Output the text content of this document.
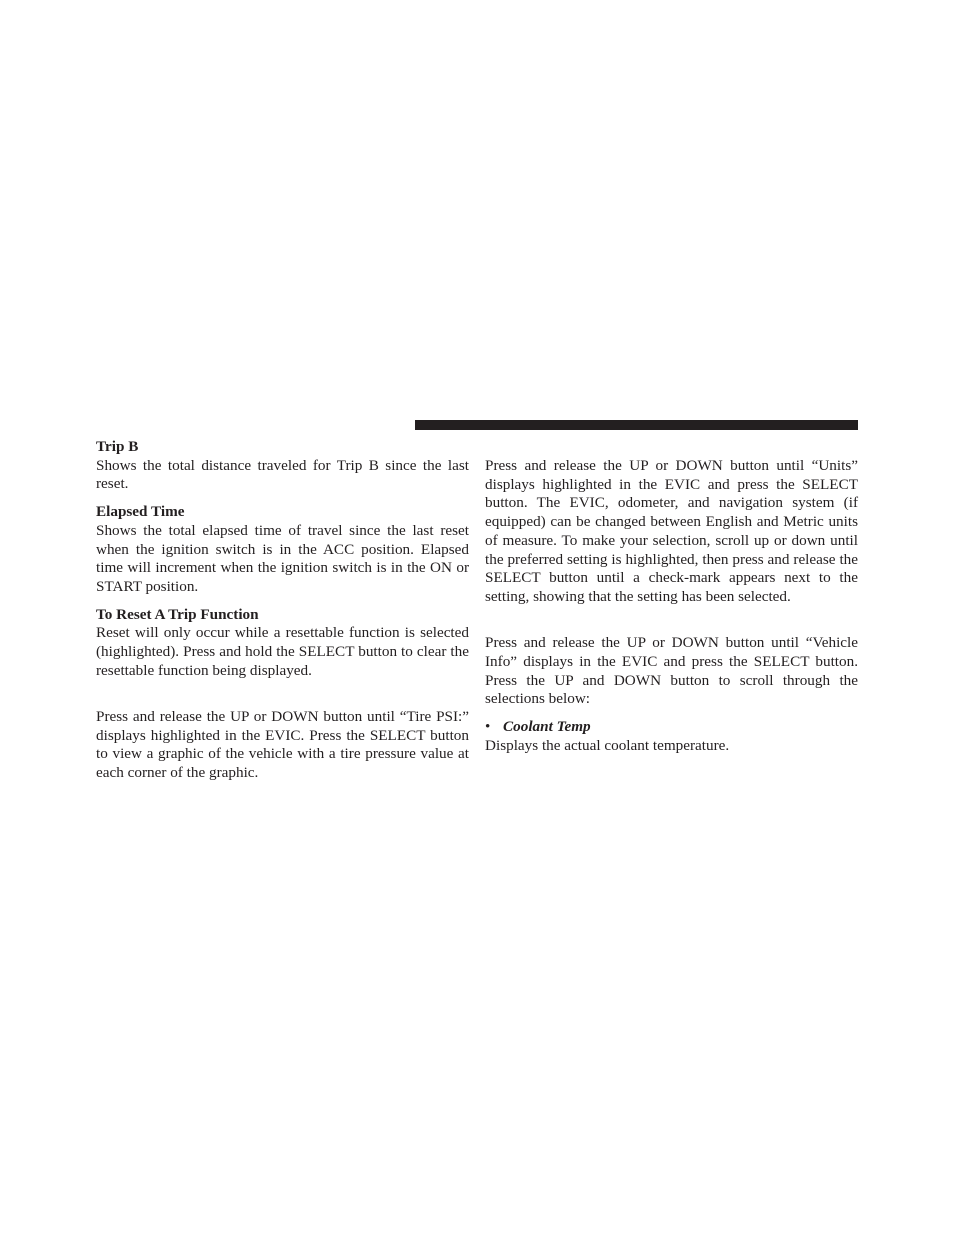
Trip B

Shows the total distance traveled for Trip B since the last reset.

Elapsed Time

Shows the total elapsed time of travel since the last reset when the ignition switch is in the ACC position. Elapsed time will increment when the ignition switch is in the ON or START position.

To Reset A Trip Function

Reset will only occur while a resettable function is selected (highlighted). Press and hold the SELECT button to clear the resettable function being displayed.

Press and release the UP or DOWN button until “Tire PSI:” displays highlighted in the EVIC. Press the SELECT button to view a graphic of the vehicle with a tire pressure value at each corner of the graphic.

Press and release the UP or DOWN button until “Units” displays highlighted in the EVIC and press the SELECT button. The EVIC, odometer, and navigation system (if equipped) can be changed between English and Metric units of measure. To make your selection, scroll up or down until the preferred setting is highlighted, then press and release the SELECT button until a check-mark appears next to the setting, showing that the setting has been selected.

Press and release the UP or DOWN button until “Vehicle Info” displays in the EVIC and press the SELECT button. Press the UP and DOWN button to scroll through the selections below:

• Coolant Temp

Displays the actual coolant temperature.
